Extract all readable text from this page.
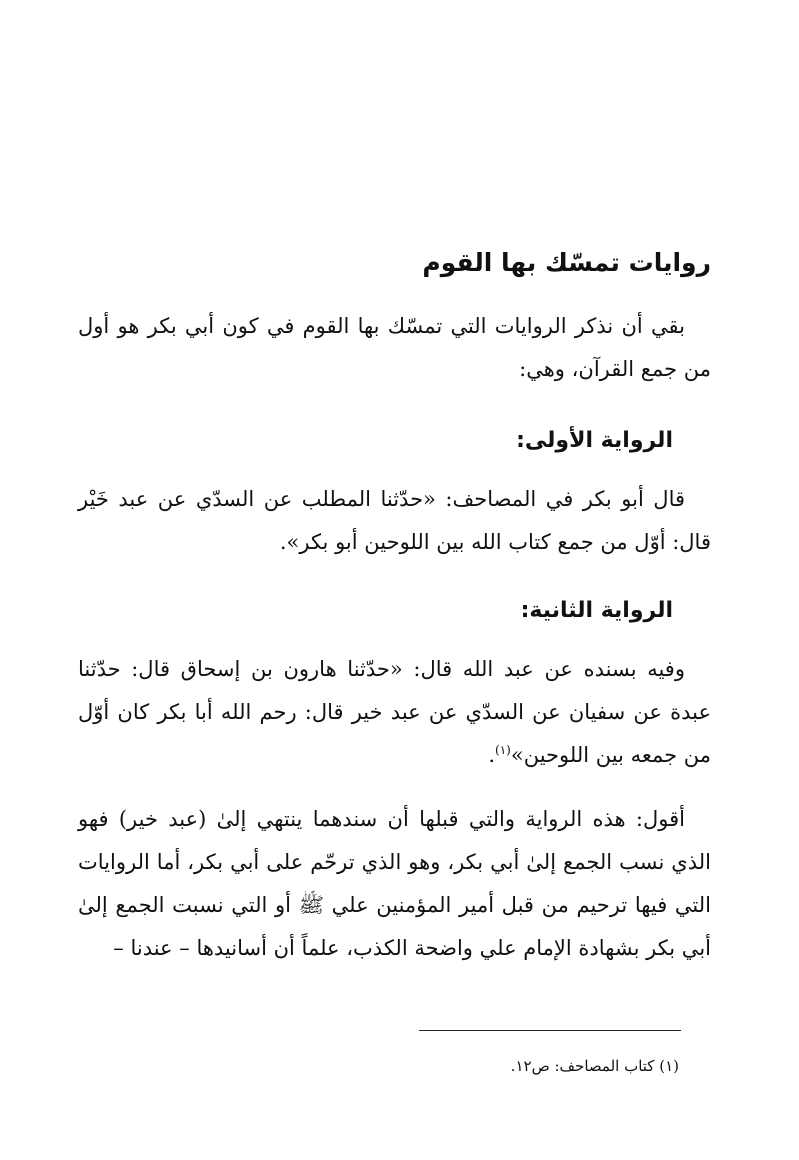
روايات تمسّك بها القوم

بقي أن نذكر الروايات التي تمسّك بها القوم في كون أبي بكر هو أول من جمع القرآن، وهي:

الرواية الأولى:

قال أبو بكر في المصاحف: «حدّثنا المطلب عن السدّي عن عبد خَيْر قال: أوّل من جمع كتاب الله بين اللوحين أبو بكر».

الرواية الثانية:

وفيه بسنده عن عبد الله قال: «حدّثنا هارون بن إسحاق قال: حدّثنا عبدة عن سفيان عن السدّي عن عبد خير قال: رحم الله أبا بكر كان أوّل من جمعه بين اللوحين»$^{(١)}$.

أقول: هذه الرواية والتي قبلها أن سندهما ينتهي إلىٰ (عبد خير) فهو الذي نسب الجمع إلىٰ أبي بكر، وهو الذي ترحّم على أبي بكر، أما الروايات التي فيها ترحيم من قبل أمير المؤمنين علي ﷺ أو التي نسبت الجمع إلىٰ أبي بكر بشهادة الإمام علي واضحة الكذب، علماً أن أسانيدها – عندنا –

(١) كتاب المصاحف: ص١٢.
